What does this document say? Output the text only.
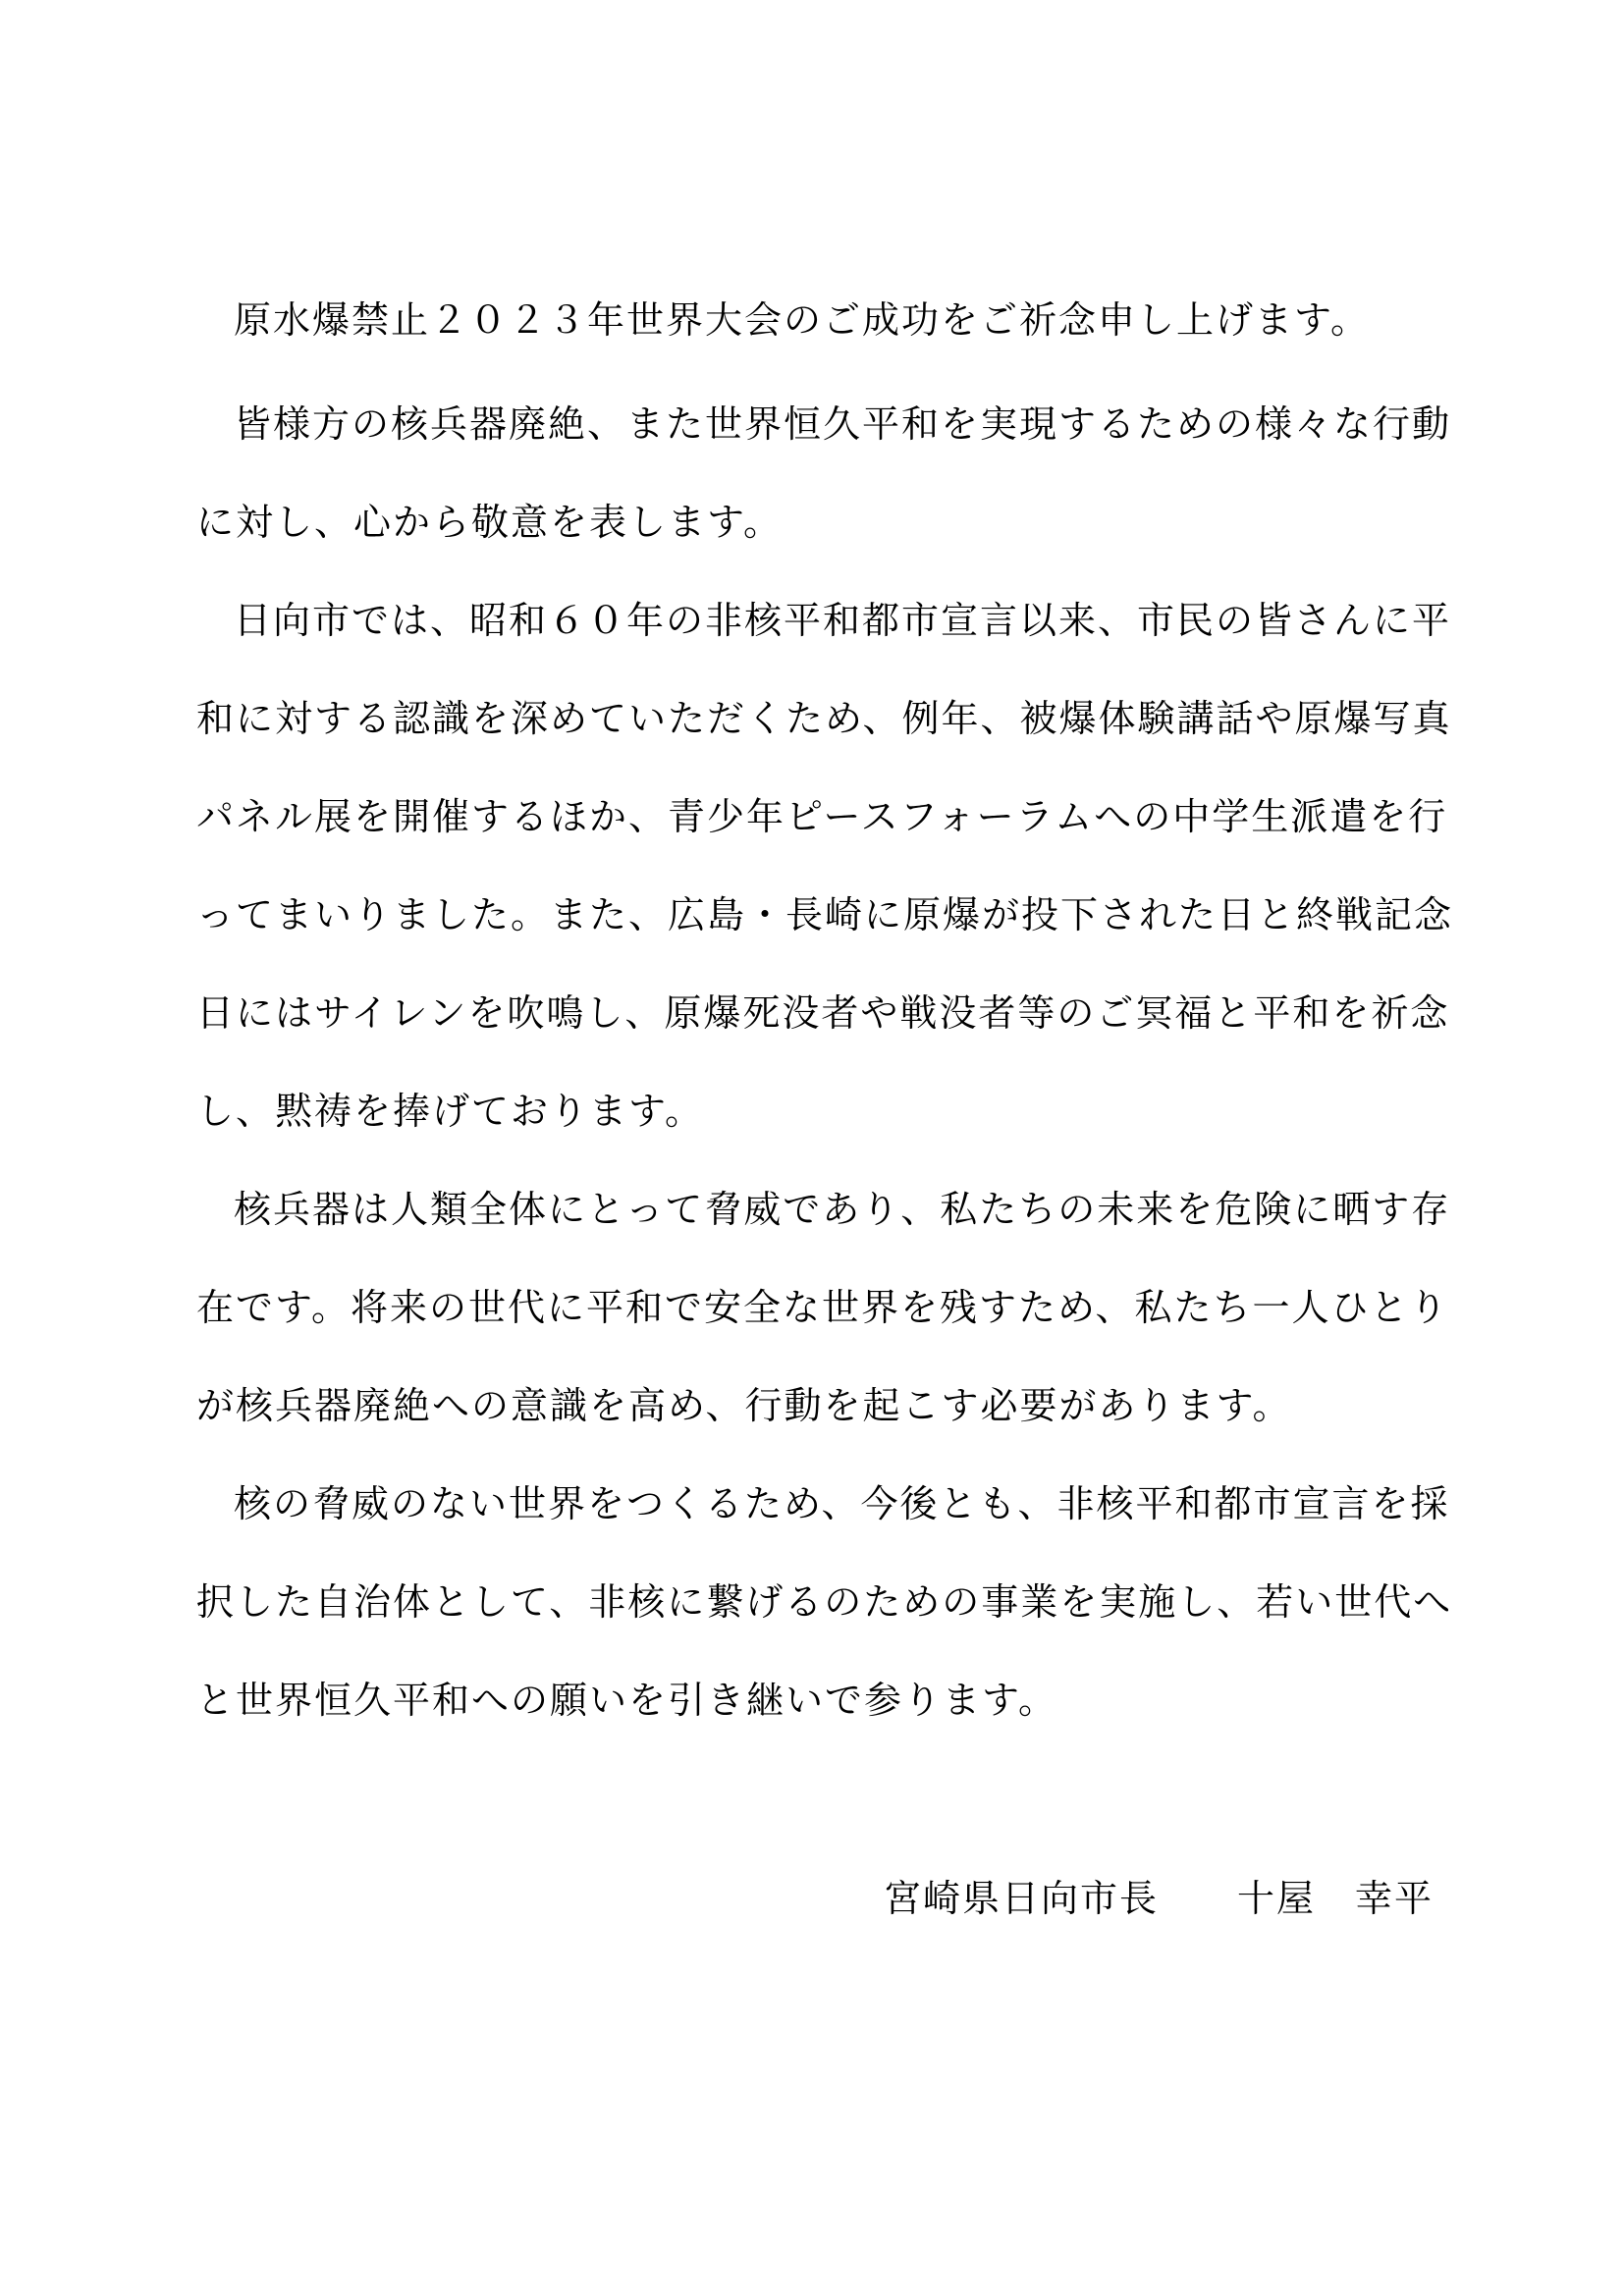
原水爆禁止２０２３年世界大会のご成功をご祈念申し上げます。
皆様方の核兵器廃絶、また世界恒久平和を実現するための様々な行動
に対し、心から敬意を表します。
日向市では、昭和６０年の非核平和都市宣言以来、市民の皆さんに平
和に対する認識を深めていただくため、例年、被爆体験講話や原爆写真
パネル展を開催するほか、青少年ピースフォーラムへの中学生派遣を行
ってまいりました。また、広島・長崎に原爆が投下された日と終戦記念
日にはサイレンを吹鳴し、原爆死没者や戦没者等のご冥福と平和を祈念
し、黙祷を捧げております。
核兵器は人類全体にとって脅威であり、私たちの未来を危険に晒す存
在です。将来の世代に平和で安全な世界を残すため、私たち一人ひとり
が核兵器廃絶への意識を高め、行動を起こす必要があります。
核の脅威のない世界をつくるため、今後とも、非核平和都市宣言を採
択した自治体として、非核に繋げるのための事業を実施し、若い世代へ
と世界恒久平和への願いを引き継いで参ります。
宮崎県日向市長　　十屋　幸平
